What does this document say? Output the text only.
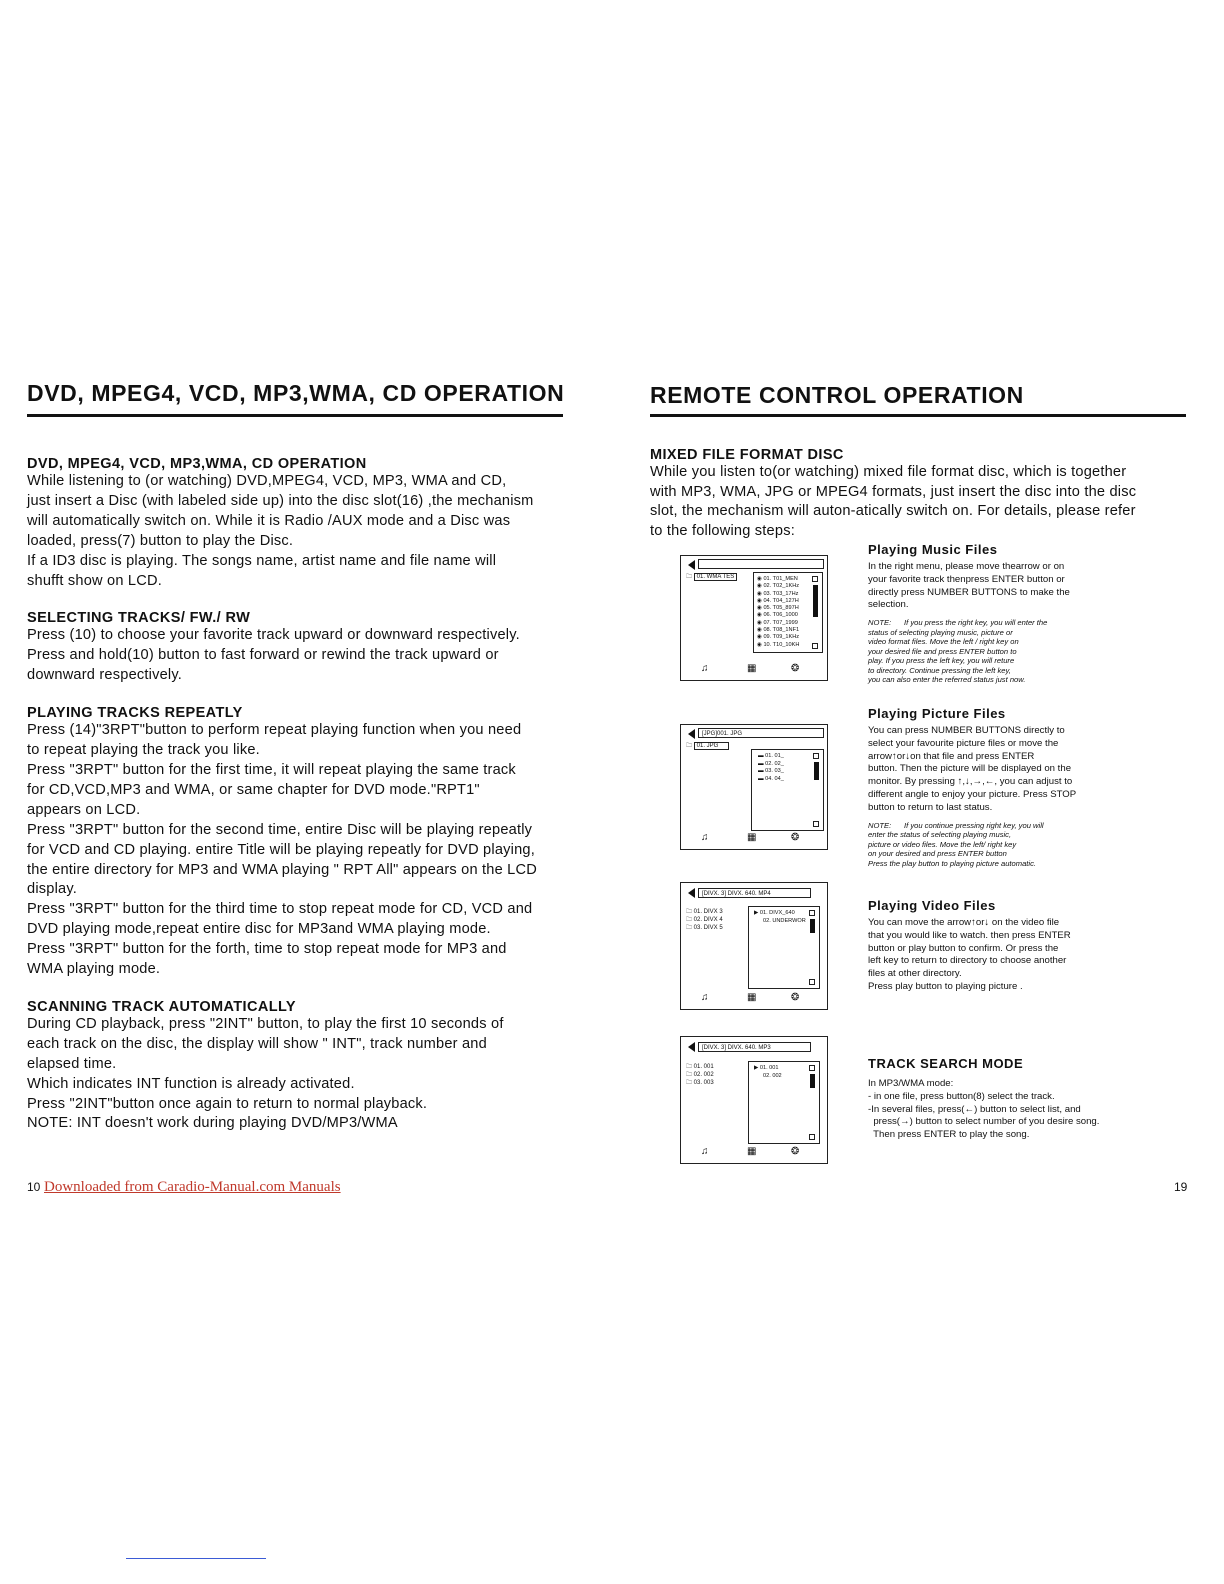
DVD, MPEG4, VCD, MP3,WMA, CD OPERATION

DVD, MPEG4, VCD, MP3,WMA, CD OPERATION

While listening to (or watching) DVD,MPEG4, VCD, MP3, WMA and CD,

just insert a Disc (with labeled side up) into the disc slot(16) ,the mechanism

will automatically switch on. While it is Radio /AUX mode and a Disc was

loaded, press(7) button to play the Disc.

If a ID3 disc is playing. The songs name, artist name and file name will

shufft show on LCD.

SELECTING TRACKS/ FW./ RW

Press (10) to choose your favorite track upward or downward respectively.

Press and hold(10) button to fast forward or rewind the track upward or

downward respectively.

PLAYING TRACKS REPEATLY

Press (14)"3RPT"button to perform repeat playing function when you need

to repeat playing the track you like.

Press "3RPT" button for the first time, it will repeat playing the same track

for CD,VCD,MP3 and WMA, or same chapter for DVD mode."RPT1"

appears on LCD.

Press "3RPT" button for the second time, entire Disc will be playing repeatly

for VCD and CD playing. entire Title will be playing repeatly for DVD playing,

the entire directory for MP3 and WMA playing " RPT All" appears on the LCD

display.

Press "3RPT" button for the third time to stop repeat mode for CD, VCD and

DVD playing mode,repeat entire disc for MP3and WMA playing mode.

Press "3RPT" button for the forth, time to stop repeat mode for MP3 and

WMA playing mode.

SCANNING TRACK AUTOMATICALLY

During CD playback, press "2INT" button, to play the first 10 seconds of

each track on the disc, the display will show " INT", track number and

elapsed time.

Which indicates INT function is already activated.

Press "2INT"button once again to return to normal playback.

NOTE: INT doesn't work during playing DVD/MP3/WMA

10 Downloaded from Caradio-Manual.com Manuals
REMOTE CONTROL OPERATION

MIXED FILE FORMAT DISC

While you listen to(or watching) mixed file format disc, which is together

with MP3, WMA, JPG or MPEG4 formats, just insert the disc into the disc

slot, the mechanism will auton-atically switch on. For details, please refer

to the following steps:

Playing Music Files

In the right menu, please move thearrow or on

your favorite track thenpress ENTER button or

directly press NUMBER BUTTONS to make the

selection.

NOTE: If you press the right key, you will enter the

status of selecting playing music, picture or

video format files. Move the left / right key on

your desired file and press ENTER button to

play. If you press the left key, you will reture

to directory. Continue pressing the left key,

you can also enter the referred status just now.

Playing Picture Files

You can press NUMBER BUTTONS directly to

select your favourite picture files or move the

arrow↑or↓on that file and press ENTER

button. Then the picture will be displayed on the

monitor. By pressing ↑,↓,→,←, you can adjust to

different angle to enjoy your picture. Press STOP

button to return to last status.

NOTE: If you continue pressing right key, you will

enter the status of selecting playing music,

picture or video files. Move the left/ right key

on your desired and press ENTER button

Press the play button to playing picture automatic.

Playing Video Files

You can move the arrow↑or↓ on the video file

that you would like to watch. then press ENTER

button or play button to confirm. Or press the

left key to return to directory to choose another

files at other directory.

Press play button to playing picture .

TRACK SEARCH MODE

In MP3/WMA mode:

- in one file, press button(8) select the track.

-In several files, press(←) button to select list, and

press(→) button to select number of you desire song.

Then press ENTER to play the song.

19
🗀 01. WMA TES	◉ 01. T01_MEN
◉ 02. T02_1KHz
◉ 03. T03_17Hz
◉ 04. T04_127H
◉ 05. T05_897H
◉ 06. T06_1000
◉ 07. T07_1999
◉ 08. T08_1NF1
◉ 09. T09_1KHz
◉ 10. T10_10KH
♫	▦	❂
[JPG]001. JPG
🗀 01. JPG
▬ 01. 01_
▬ 02. 02_
▬ 03. 03_
▬ 04. 04_
♫	▦	❂
[DIVX. 3] DIVX. 640. MP4
🗀 01. DIVX 3
🗀 02. DIVX 4
🗀 03. DIVX 5
▶ 01. DIVX_640
02. UNDERWOR
♫	▦	❂
[DIVX. 3] DIVX. 640. MP3
🗀 01. 001
🗀 02. 002
🗀 03. 003
▶ 01. 001
02. 002
♫	▦	❂
